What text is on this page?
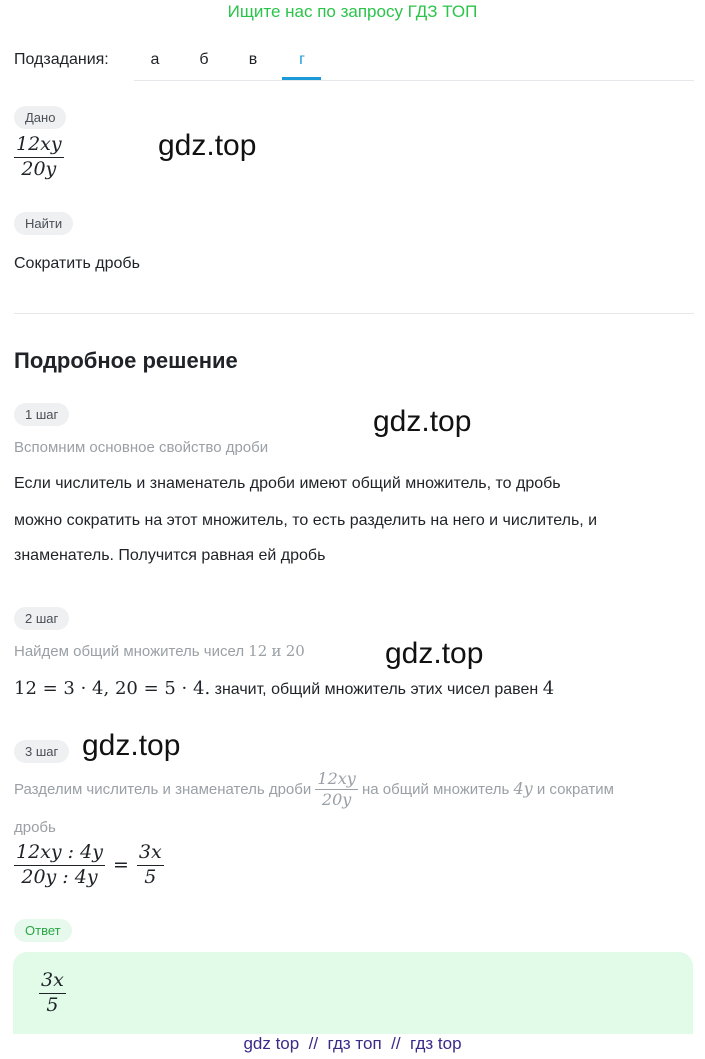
Ищите нас по запросу ГДЗ ТОП
Подзадания:	а	б	в	г
Дано
$\frac{12xy}{20y}$	gdz.top
Найти
Сократить дробь
Подробное решение
1 шаг	gdz.top
Вспомним основное свойство дроби
Если числитель и знаменатель дроби имеют общий множитель, то дробь
можно сократить на этот множитель, то есть разделить на него и числитель, и
знаменатель. Получится равная ей дробь
2 шаг
Найдем общий множитель чисел 12 и 20	gdz.top
12 = 3 · 4, 20 = 5 · 4. значит, общий множитель этих чисел равен 4
3 шаг gdz.top
Разделим числитель и знаменатель дроби $\frac{12xy}{20y}$ на общий множитель 4y и сократим
дробь
$\frac{12xy : 4y}{20y : 4y} = \frac{3x}{5}$
Ответ
$\frac{3x}{5}$
gdz top  //  гдз топ  //  гдз top
